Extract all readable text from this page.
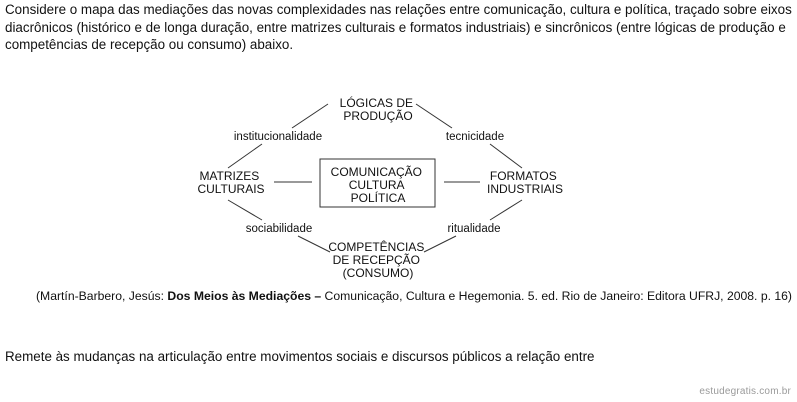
Considere o mapa das mediações das novas complexidades nas relações entre comunicação, cultura e política, traçado sobre eixos diacrônicos (histórico e de longa duração, entre matrizes culturais e formatos industriais) e sincrônicos (entre lógicas de produção e competências de recepção ou consumo) abaixo.

COMUNICAÇÃO CULTURA POLÍTICA
LÓGICAS DE PRODUÇÃO
MATRIZES CULTURAIS
FORMATOS INDUSTRIAIS
COMPETÊNCIAS DE RECEPÇÃO (CONSUMO)
institucionalidade	tecnicidade
sociabilidade	ritualidade
(Martín-Barbero, Jesús: Dos Meios às Mediações – Comunicação, Cultura e Hegemonia. 5. ed. Rio de Janeiro: Editora UFRJ, 2008. p. 16)
Remete às mudanças na articulação entre movimentos sociais e discursos públicos a relação entre
estudegratis.com.br
